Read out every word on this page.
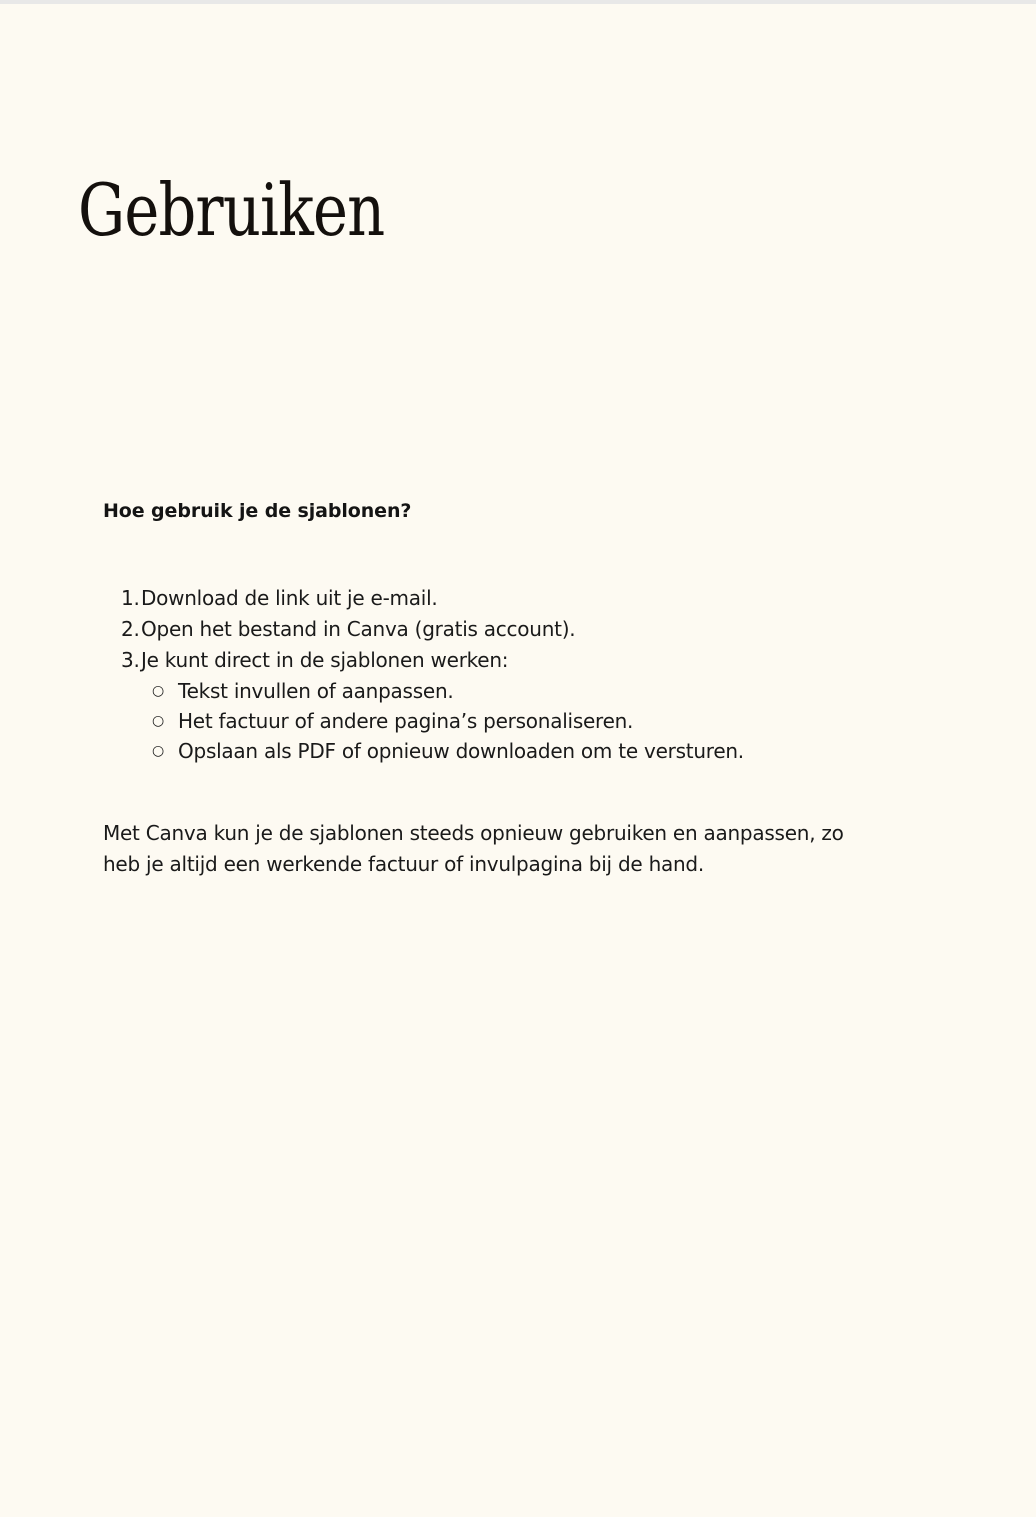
Gebruiken

Hoe gebruik je de sjablonen?

1. Download de link uit je e-mail.
2. Open het bestand in Canva (gratis account).
3. Je kunt direct in de sjablonen werken:
○ Tekst invullen of aanpassen.
○ Het factuur of andere pagina’s personaliseren.
○ Opslaan als PDF of opnieuw downloaden om te versturen.

Met Canva kun je de sjablonen steeds opnieuw gebruiken en aanpassen, zo heb je altijd een werkende factuur of invulpagina bij de hand.
